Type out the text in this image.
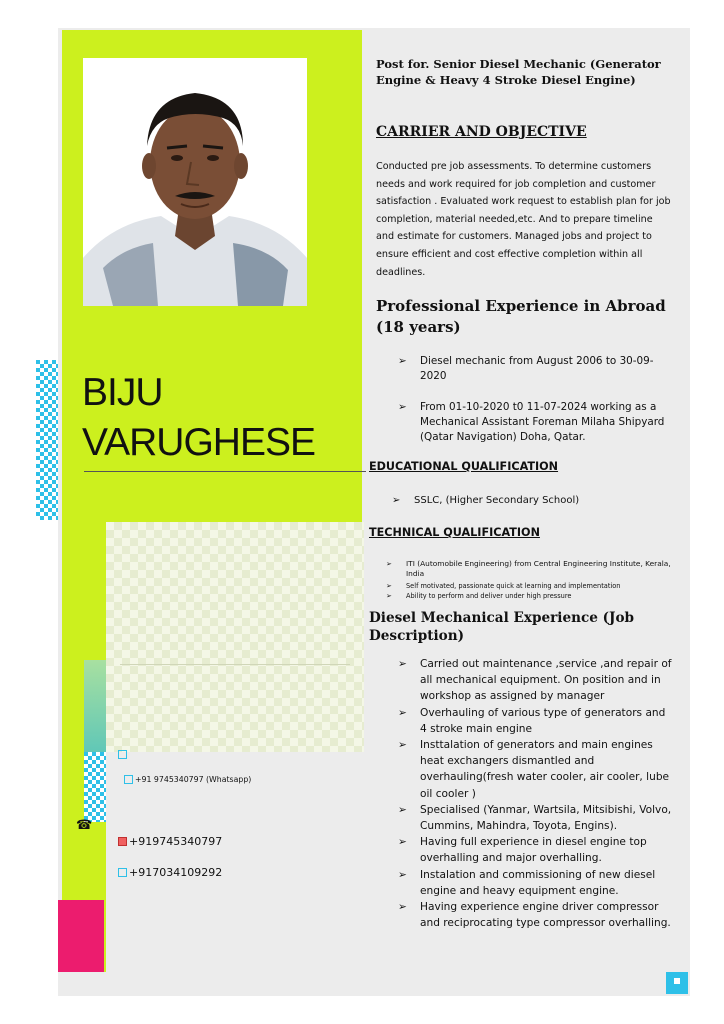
BIJU
VARUGHESE
+91 9745340797 (Whatsapp)
☎
+919745340797
+917034109292
Post for. Senior Diesel Mechanic (Generator Engine & Heavy 4 Stroke Diesel Engine)
CARRIER AND OBJECTIVE
Conducted pre job assessments. To determine customers needs and work required for job completion and customer satisfaction . Evaluated work request to establish plan for job completion, material needed,etc. And to prepare timeline and estimate for customers. Managed jobs and project to ensure efficient and cost effective completion within all deadlines.
Professional Experience in Abroad (18 years)
➢ Diesel mechanic from August 2006 to 30-09-2020
➢ From 01-10-2020 t0 11-07-2024 working as a Mechanical Assistant Foreman Milaha Shipyard (Qatar Navigation) Doha, Qatar.
EDUCATIONAL QUALIFICATION
➢ SSLC, (Higher Secondary School)
TECHNICAL QUALIFICATION
➢ ITI (Automobile Engineering) from Central Engineering Institute, Kerala, India
➢ Self motivated, passionate quick at learning and implementation
➢ Ability to perform and deliver under high pressure
Diesel Mechanical Experience (Job Description)
➢ Carried out maintenance ,service ,and repair of all mechanical equipment. On position and in workshop as assigned by manager
➢ Overhauling of various type of generators and 4 stroke main engine
➢ Insttalation of generators and main engines heat exchangers dismantled and overhauling(fresh water cooler, air cooler, lube oil cooler )
➢ Specialised (Yanmar, Wartsila, Mitsibishi, Volvo, Cummins, Mahindra, Toyota, Engins).
➢ Having full experience in diesel engine top overhalling and major overhalling.
➢ Instalation and commissioning of new diesel engine and heavy equipment engine.
➢ Having experience engine driver compressor and reciprocating type compressor overhalling.
